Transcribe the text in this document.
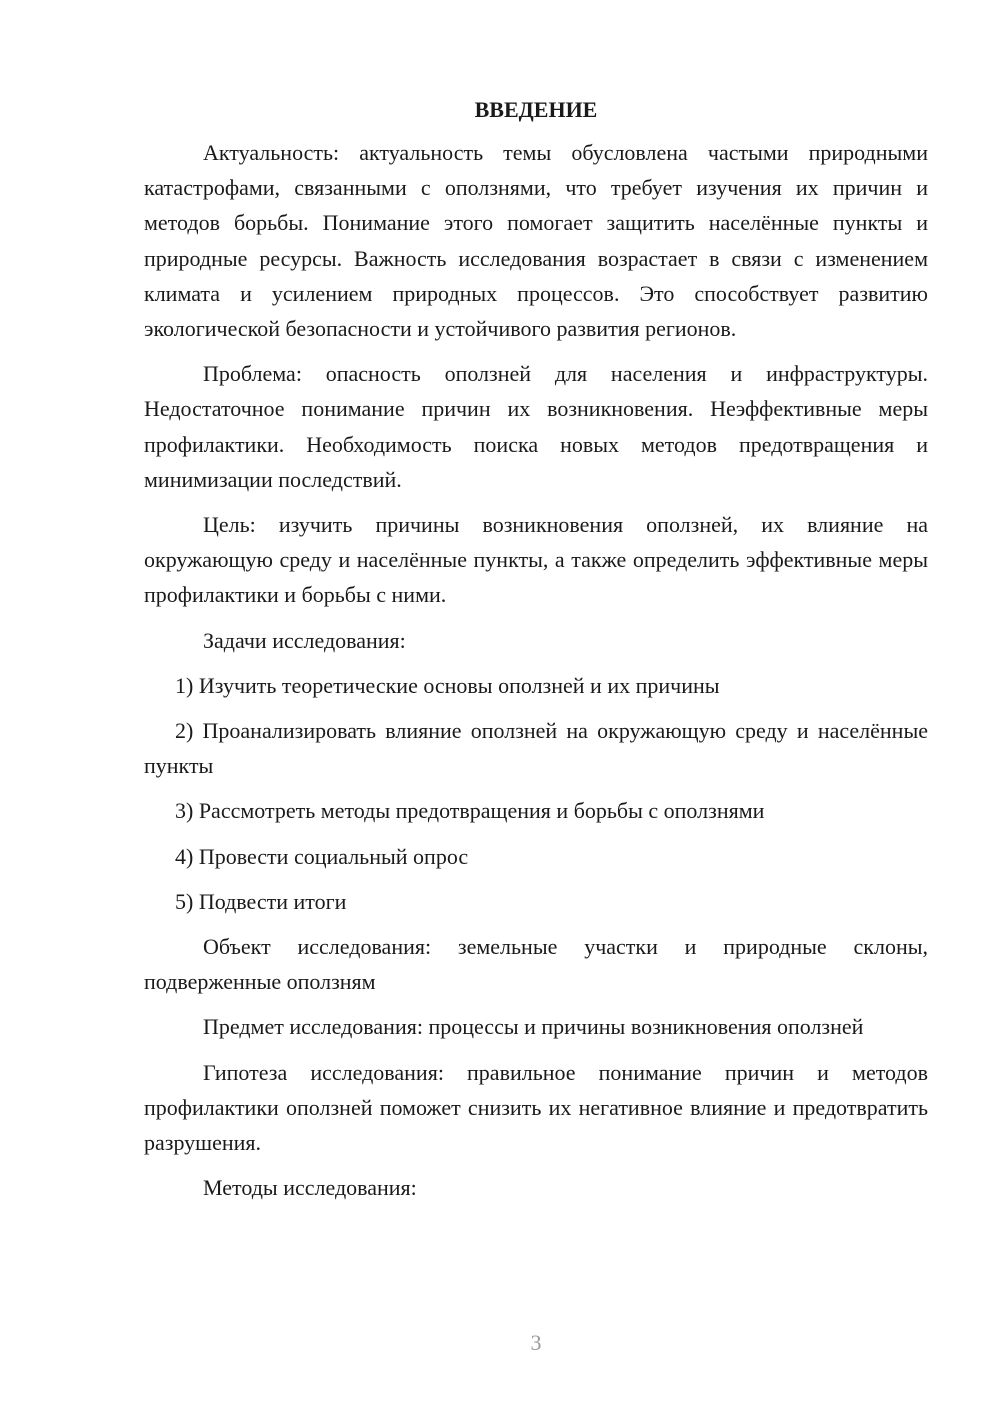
ВВЕДЕНИЕ

Актуальность: актуальность темы обусловлена частыми природными катастрофами, связанными с оползнями, что требует изучения их причин и методов борьбы. Понимание этого помогает защитить населённые пункты и природные ресурсы. Важность исследования возрастает в связи с изменением климата и усилением природных процессов. Это способствует развитию экологической безопасности и устойчивого развития регионов.

Проблема: опасность оползней для населения и инфраструктуры. Недостаточное понимание причин их возникновения. Неэффективные меры профилактики. Необходимость поиска новых методов предотвращения и минимизации последствий.

Цель: изучить причины возникновения оползней, их влияние на окружающую среду и населённые пункты, а также определить эффективные меры профилактики и борьбы с ними.

Задачи исследования:

1) Изучить теоретические основы оползней и их причины

2) Проанализировать влияние оползней на окружающую среду и населённые пункты

3) Рассмотреть методы предотвращения и борьбы с оползнями

4) Провести социальный опрос

5) Подвести итоги

Объект исследования: земельные участки и природные склоны, подверженные оползням

Предмет исследования: процессы и причины возникновения оползней

Гипотеза исследования: правильное понимание причин и методов профилактики оползней поможет снизить их негативное влияние и предотвратить разрушения.

Методы исследования:

3
